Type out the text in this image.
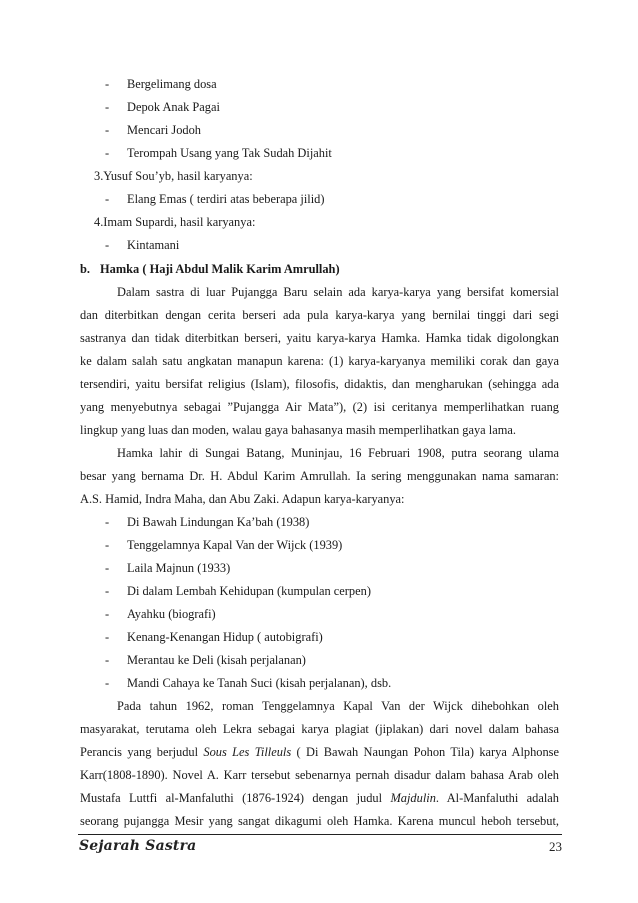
- Bergelimang dosa
- Depok Anak Pagai
- Mencari Jodoh
- Terompah Usang yang Tak Sudah Dijahit
3.Yusuf Sou’yb, hasil karyanya:
- Elang Emas ( terdiri atas beberapa jilid)
4.Imam Supardi, hasil karyanya:
- Kintamani
b. Hamka ( Haji Abdul Malik Karim Amrullah)
Dalam sastra di luar Pujangga Baru selain ada karya-karya yang bersifat komersial
dan diterbitkan dengan cerita berseri ada pula karya-karya yang bernilai tinggi dari segi
sastranya dan tidak diterbitkan berseri, yaitu karya-karya Hamka. Hamka tidak digolongkan
ke dalam salah satu angkatan manapun karena: (1) karya-karyanya memiliki corak dan gaya
tersendiri, yaitu bersifat religius (Islam), filosofis, didaktis, dan mengharukan (sehingga ada
yang menyebutnya sebagai ”Pujangga Air Mata”), (2) isi ceritanya memperlihatkan ruang
lingkup yang luas dan moden, walau gaya bahasanya masih memperlihatkan gaya lama.
Hamka lahir di Sungai Batang, Muninjau, 16 Februari 1908, putra seorang ulama
besar yang bernama Dr. H. Abdul Karim Amrullah. Ia sering menggunakan nama samaran:
A.S. Hamid, Indra Maha, dan Abu Zaki. Adapun karya-karyanya:
- Di Bawah Lindungan Ka’bah (1938)
- Tenggelamnya Kapal Van der Wijck (1939)
- Laila Majnun (1933)
- Di dalam Lembah Kehidupan (kumpulan cerpen)
- Ayahku (biografi)
- Kenang-Kenangan Hidup ( autobigrafi)
- Merantau ke Deli (kisah perjalanan)
- Mandi Cahaya ke Tanah Suci (kisah perjalanan), dsb.
Pada tahun 1962, roman Tenggelamnya Kapal Van der Wijck dihebohkan oleh
masyarakat, terutama oleh Lekra sebagai karya plagiat (jiplakan) dari novel dalam bahasa
Perancis yang berjudul Sous Les Tilleuls ( Di Bawah Naungan Pohon Tila) karya Alphonse
Karr(1808-1890). Novel A. Karr tersebut sebenarnya pernah disadur dalam bahasa Arab oleh
Mustafa Luttfi al-Manfaluthi (1876-1924) dengan judul Majdulin. Al-Manfaluthi adalah
seorang pujangga Mesir yang sangat dikagumi oleh Hamka. Karena muncul heboh tersebut,
Sejarah Sastra	23
